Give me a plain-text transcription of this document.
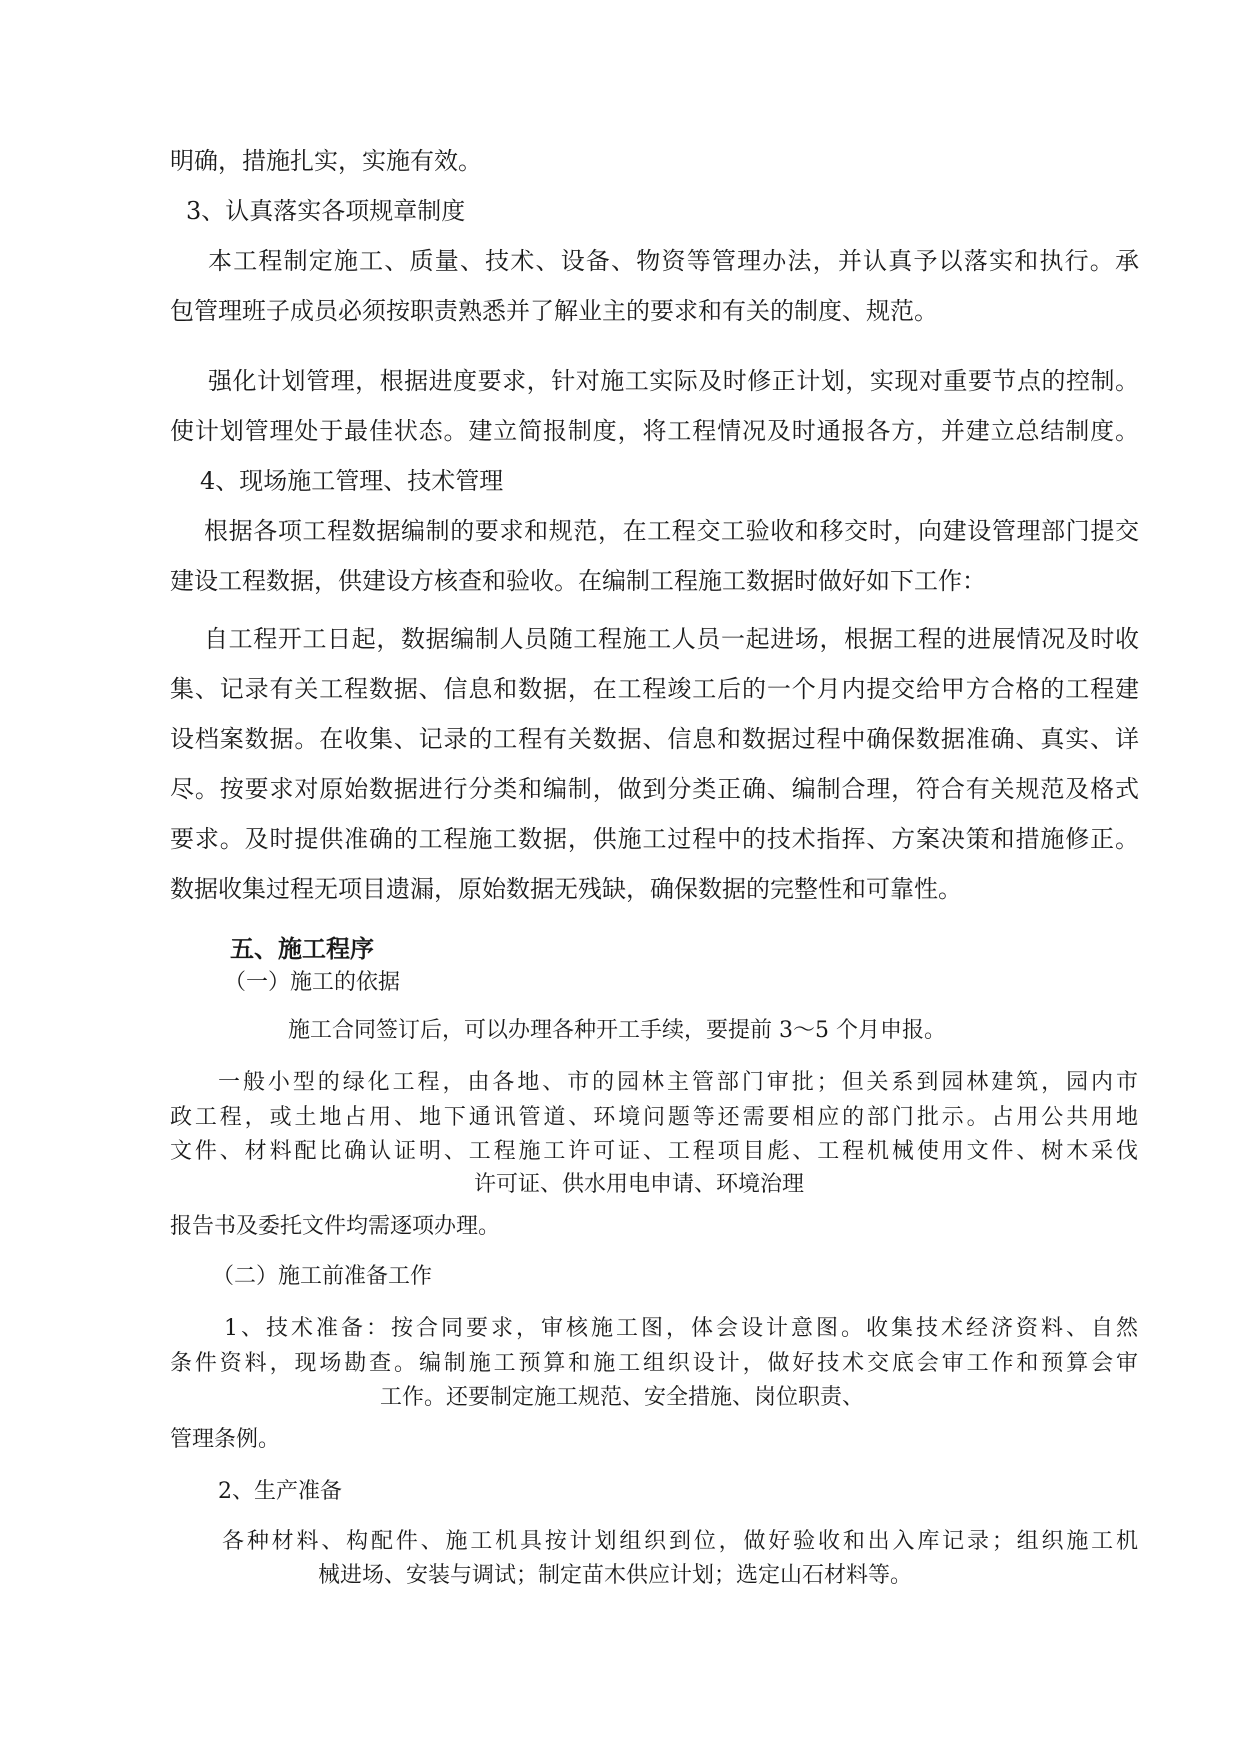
明确，措施扎实，实施有效。

3、认真落实各项规章制度

本工程制定施工、质量、技术、设备、物资等管理办法，并认真予以落实和执行。承

包管理班子成员必须按职责熟悉并了解业主的要求和有关的制度、规范。

强化计划管理，根据进度要求，针对施工实际及时修正计划，实现对重要节点的控制。

使计划管理处于最佳状态。建立简报制度，将工程情况及时通报各方，并建立总结制度。

4、现场施工管理、技术管理

根据各项工程数据编制的要求和规范，在工程交工验收和移交时，向建设管理部门提交

建设工程数据，供建设方核查和验收。在编制工程施工数据时做好如下工作：

自工程开工日起，数据编制人员随工程施工人员一起进场，根据工程的进展情况及时收

集、记录有关工程数据、信息和数据，在工程竣工后的一个月内提交给甲方合格的工程建

设档案数据。在收集、记录的工程有关数据、信息和数据过程中确保数据准确、真实、详

尽。按要求对原始数据进行分类和编制，做到分类正确、编制合理，符合有关规范及格式

要求。及时提供准确的工程施工数据，供施工过程中的技术指挥、方案决策和措施修正。

数据收集过程无项目遗漏，原始数据无残缺，确保数据的完整性和可靠性。

五、施工程序

（一）施工的依据

施工合同签订后，可以办理各种开工手续，要提前 3～5 个月申报。

一般小型的绿化工程，由各地、市的园林主管部门审批；但关系到园林建筑，园内市

政工程，或土地占用、地下通讯管道、环境问题等还需要相应的部门批示。占用公共用地

文件、材料配比确认证明、工程施工许可证、工程项目彪、工程机械使用文件、树木采伐

许可证、供水用电申请、环境治理

报告书及委托文件均需逐项办理。

（二）施工前准备工作

1、技术准备：按合同要求，审核施工图，体会设计意图。收集技术经济资料、自然

条件资料，现场勘查。编制施工预算和施工组织设计，做好技术交底会审工作和预算会审

工作。还要制定施工规范、安全措施、岗位职责、

管理条例。

2、生产准备

各种材料、构配件、施工机具按计划组织到位，做好验收和出入库记录；组织施工机

械进场、安装与调试；制定苗木供应计划；选定山石材料等。
